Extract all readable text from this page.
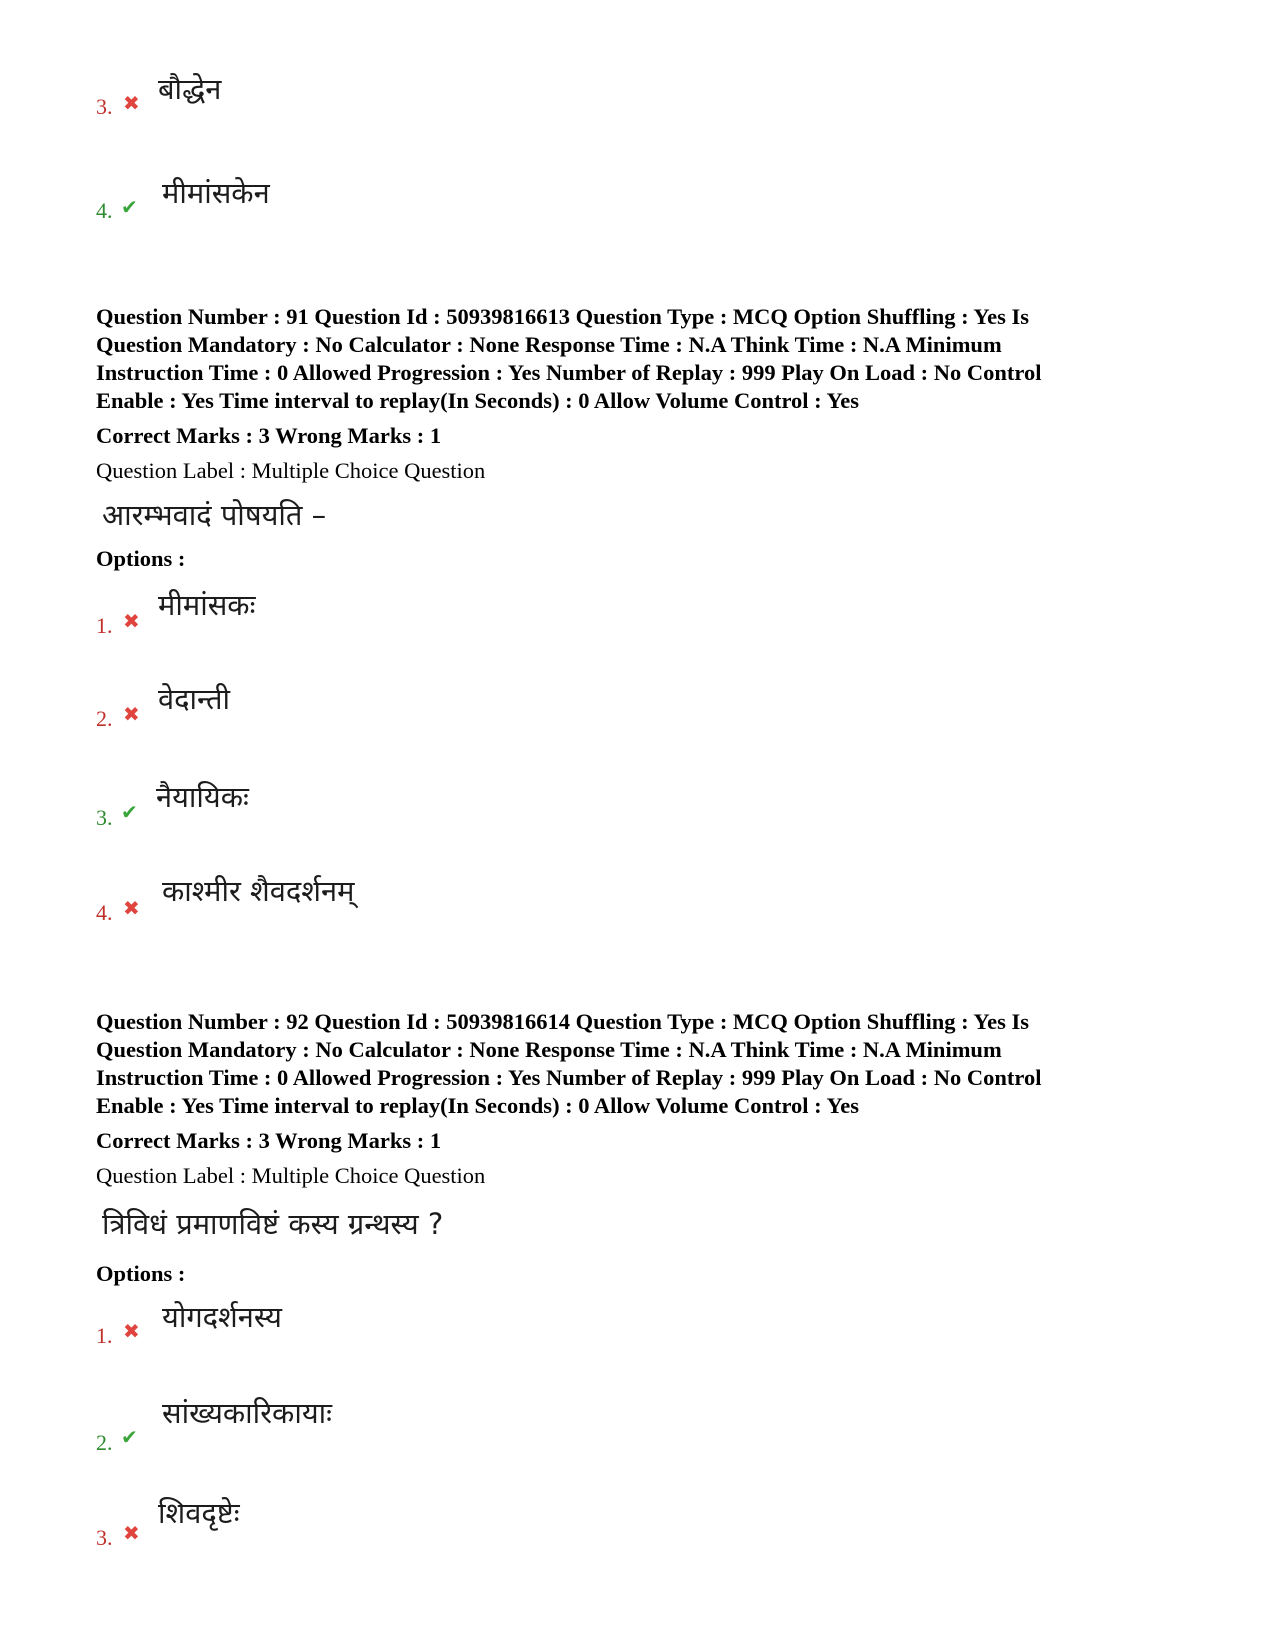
3. ✖ बौद्धेन
4. ✔ मीमांसकेन
Question Number : 91 Question Id : 50939816613 Question Type : MCQ Option Shuffling : Yes Is
Question Mandatory : No Calculator : None Response Time : N.A Think Time : N.A Minimum
Instruction Time : 0 Allowed Progression : Yes Number of Replay : 999 Play On Load : No Control
Enable : Yes Time interval to replay(In Seconds) : 0 Allow Volume Control : Yes
Correct Marks : 3 Wrong Marks : 1
Question Label : Multiple Choice Question
आरम्भवादं पोषयति –
Options :
1. ✖ मीमांसकः
2. ✖ वेदान्ती
3. ✔ नैयायिकः
4. ✖ काश्मीर शैवदर्शनम्
Question Number : 92 Question Id : 50939816614 Question Type : MCQ Option Shuffling : Yes Is
Question Mandatory : No Calculator : None Response Time : N.A Think Time : N.A Minimum
Instruction Time : 0 Allowed Progression : Yes Number of Replay : 999 Play On Load : No Control
Enable : Yes Time interval to replay(In Seconds) : 0 Allow Volume Control : Yes
Correct Marks : 3 Wrong Marks : 1
Question Label : Multiple Choice Question
त्रिविधं प्रमाणविष्टं कस्य ग्रन्थस्य ?
Options :
1. ✖ योगदर्शनस्य
2. ✔
सांख्यकारिकायाः
3. ✖
शिवदृष्टेः
